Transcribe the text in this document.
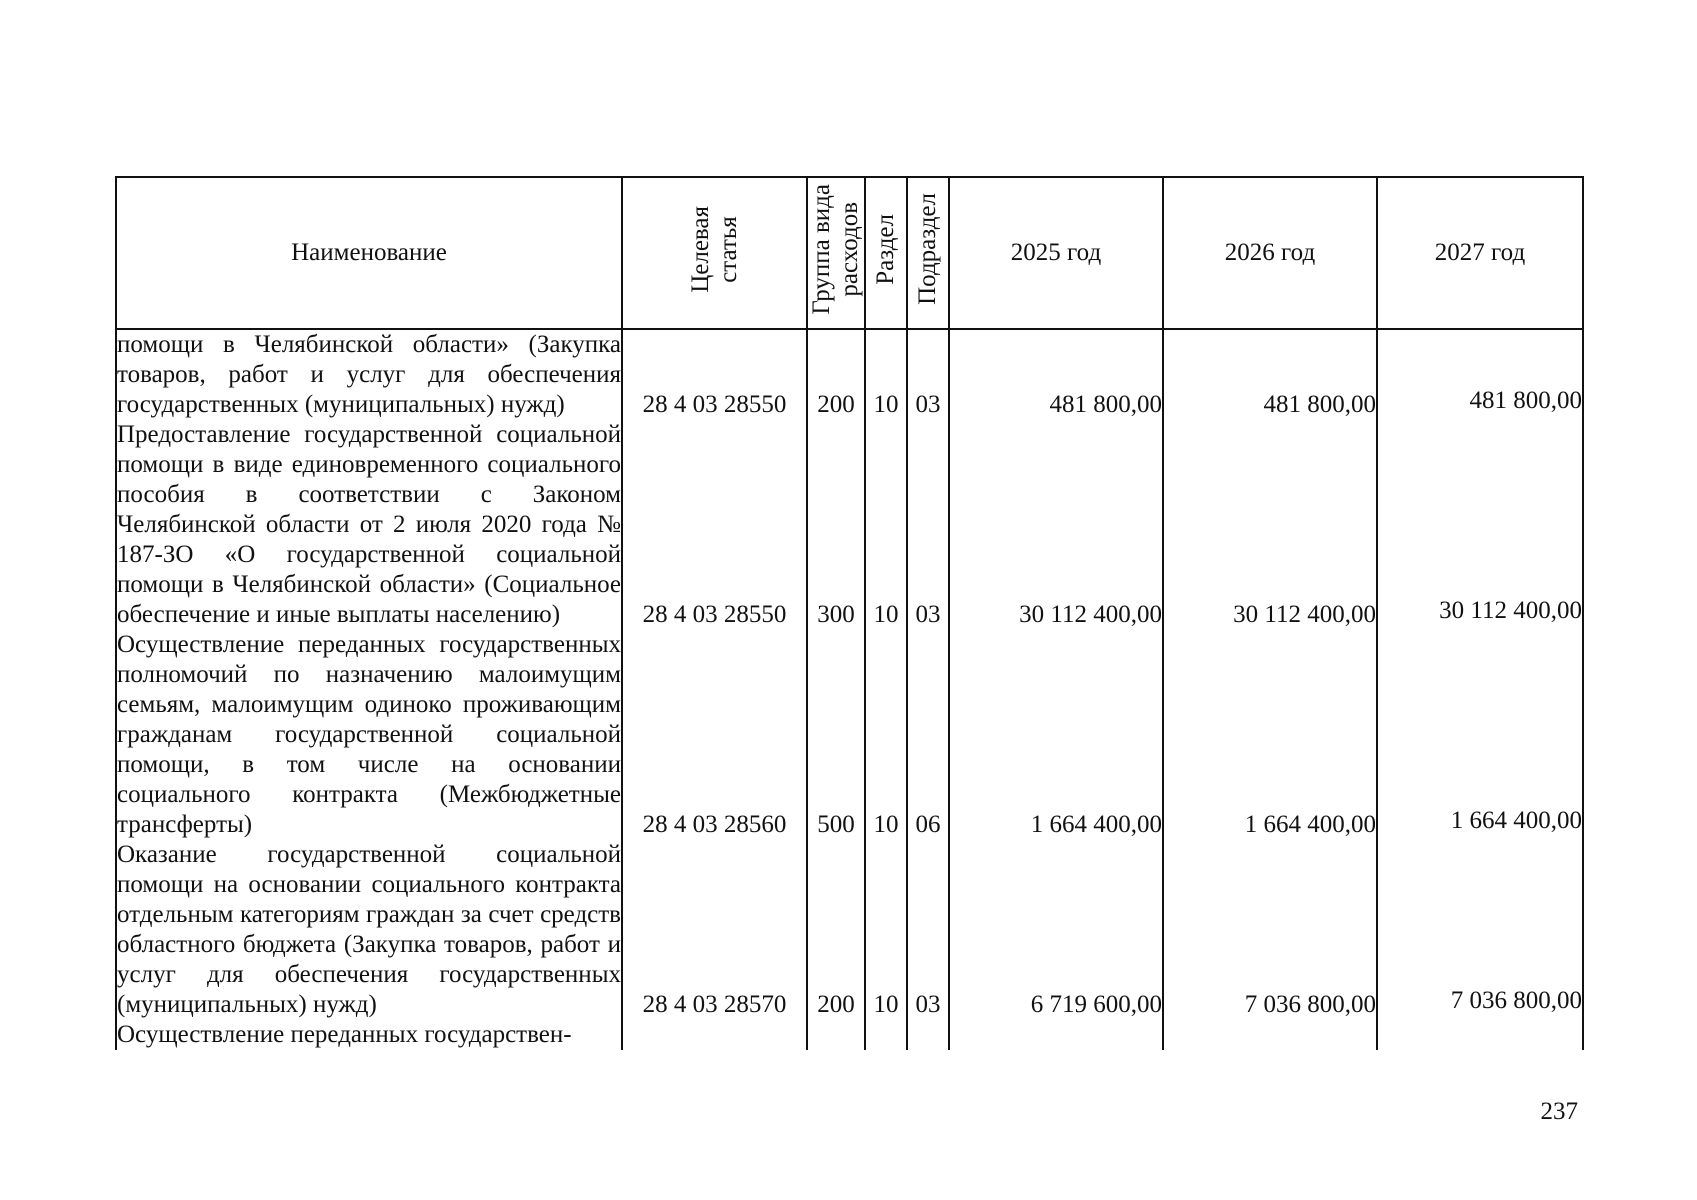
Наименование	Целевая статья	Группа вида расходов	Раздел	Подраздел	2025 год	2026 год	2027 год
помощи в Челябинской области» (Закупка товаров, работ и услуг для обеспечения государственных (муниципальных) нужд)	28 4 03 28550	200	10	03	481 800,00	481 800,00	481 800,00
Предоставление государственной социальной помощи в виде единовременного социального пособия в соответствии с Законом Челябинской области от 2 июля 2020 года № 187-ЗО «О государственной социальной помощи в Челябинской области» (Социальное обеспечение и иные выплаты населению)	28 4 03 28550	300	10	03	30 112 400,00	30 112 400,00	30 112 400,00
Осуществление переданных государственных полномочий по назначению малоимущим семьям, малоимущим одиноко проживающим гражданам государственной социальной помощи, в том числе на основании социального контракта (Межбюджетные трансферты)	28 4 03 28560	500	10	06	1 664 400,00	1 664 400,00	1 664 400,00
Оказание государственной социальной помощи на основании социального контракта отдельным категориям граждан за счет средств областного бюджета (Закупка товаров, работ и услуг для обеспечения государственных (муниципальных) нужд)	28 4 03 28570	200	10	03	6 719 600,00	7 036 800,00	7 036 800,00
Осуществление переданных государствен-							
237
